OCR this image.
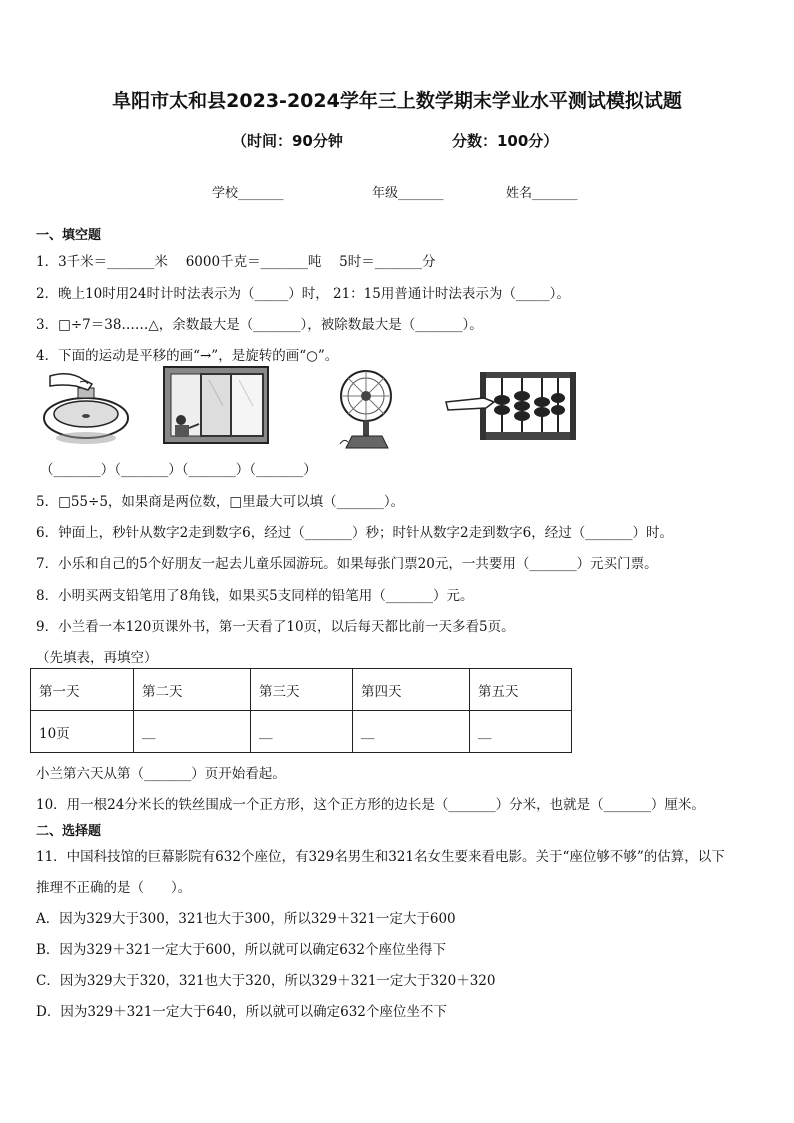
阜阳市太和县2023-2024学年三上数学期末学业水平测试模拟试题
（时间：90分钟	分数：100分）
学校_______	年级_______	姓名_______
一、填空题
1．3千米＝_______米　 6000千克＝_______吨　 5时＝_______分
2．晚上10时用24时计时法表示为（_____）时， 21：15用普通计时法表示为（_____）。
3．□÷7＝38……△，余数最大是（_______），被除数最大是（_______）。
4．下面的运动是平移的画“→”，是旋转的画“○”。
（_______）（_______）（_______）（_______）
5．□55÷5，如果商是两位数，□里最大可以填（_______）。
6．钟面上，秒针从数字2走到数字6，经过（_______）秒；时针从数字2走到数字6，经过（_______）时。
7．小乐和自己的5个好朋友一起去儿童乐园游玩。如果每张门票20元，一共要用（_______）元买门票。
8．小明买两支铅笔用了8角钱，如果买5支同样的铅笔用（_______）元。
9．小兰看一本120页课外书，第一天看了10页，以后每天都比前一天多看5页。
（先填表，再填空）
第一天	第二天	第三天	第四天	第五天
10页	__	__	__	__
小兰第六天从第（_______）页开始看起。
10．用一根24分米长的铁丝围成一个正方形，这个正方形的边长是（_______）分米，也就是（_______）厘米。
二、选择题
11．中国科技馆的巨幕影院有632个座位，有329名男生和321名女生要来看电影。关于“座位够不够”的估算，以下
推理不正确的是（　　）。
A．因为329大于300，321也大于300，所以329＋321一定大于600
B．因为329＋321一定大于600，所以就可以确定632个座位坐得下
C．因为329大于320，321也大于320，所以329＋321一定大于320＋320
D．因为329＋321一定大于640，所以就可以确定632个座位坐不下
